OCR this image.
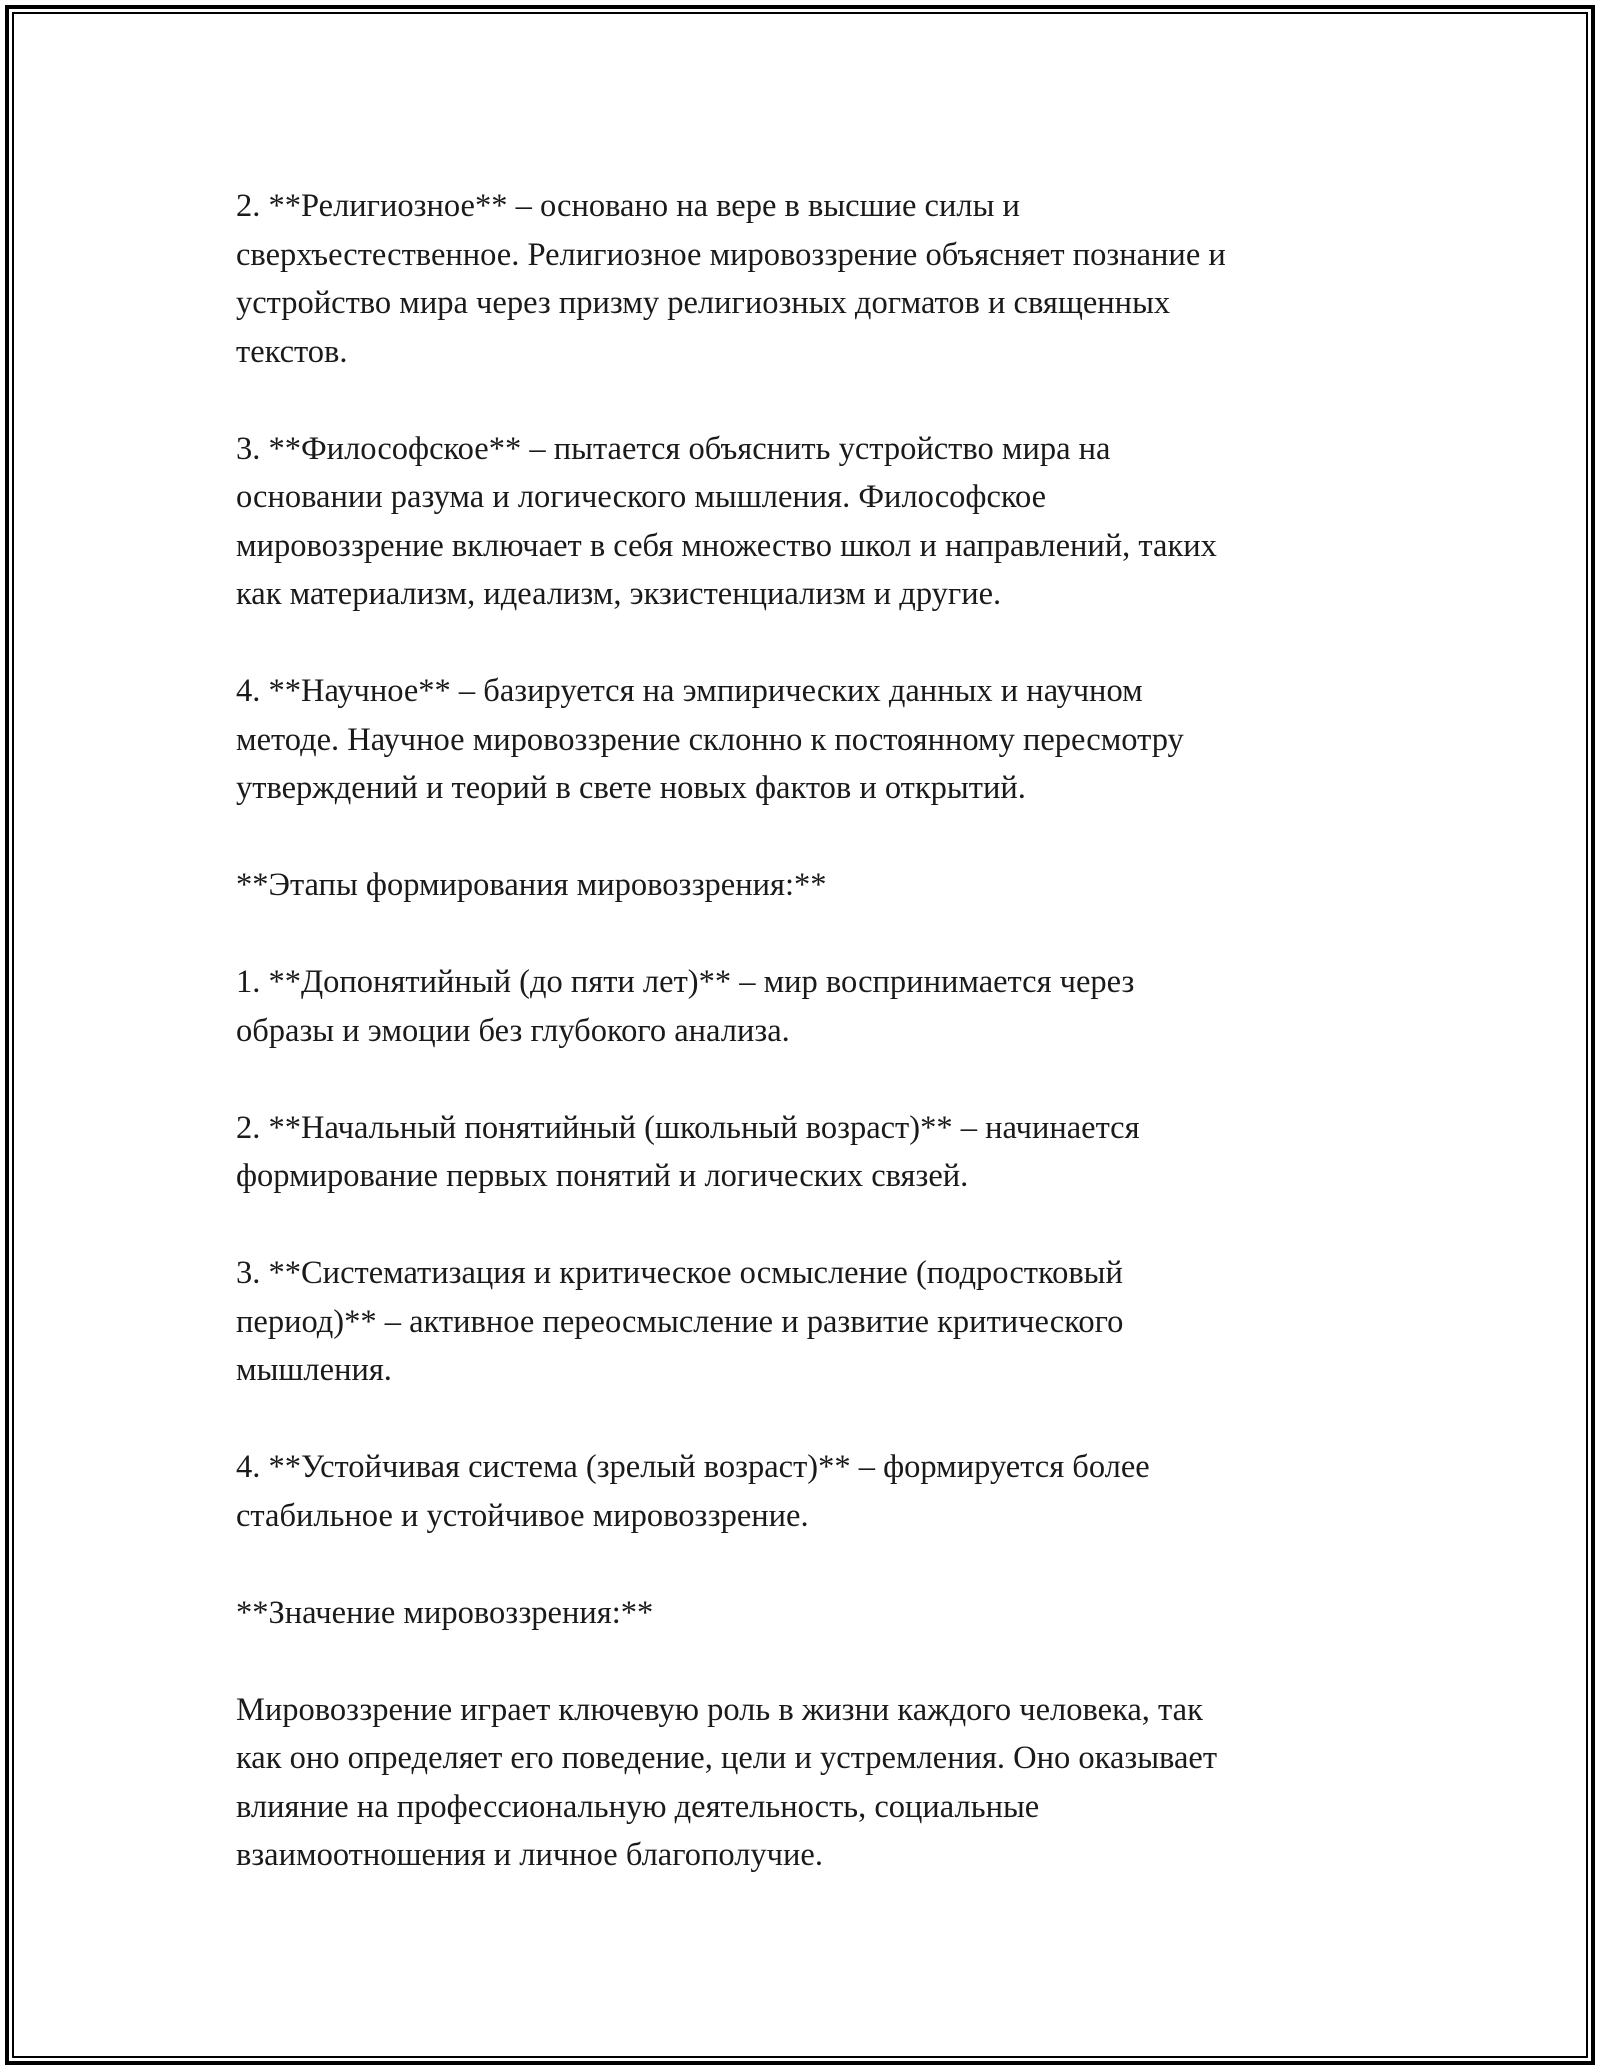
2. **Религиозное** – основано на вере в высшие силы и
сверхъестественное. Религиозное мировоззрение объясняет познание и
устройство мира через призму религиозных догматов и священных
текстов.

3. **Философское** – пытается объяснить устройство мира на
основании разума и логического мышления. Философское
мировоззрение включает в себя множество школ и направлений, таких
как материализм, идеализм, экзистенциализм и другие.

4. **Научное** – базируется на эмпирических данных и научном
методе. Научное мировоззрение склонно к постоянному пересмотру
утверждений и теорий в свете новых фактов и открытий.

**Этапы формирования мировоззрения:**

1. **Допонятийный (до пяти лет)** – мир воспринимается через
образы и эмоции без глубокого анализа.

2. **Начальный понятийный (школьный возраст)** – начинается
формирование первых понятий и логических связей.

3. **Систематизация и критическое осмысление (подростковый
период)** – активное переосмысление и развитие критического
мышления.

4. **Устойчивая система (зрелый возраст)** – формируется более
стабильное и устойчивое мировоззрение.

**Значение мировоззрения:**

Мировоззрение играет ключевую роль в жизни каждого человека, так
как оно определяет его поведение, цели и устремления. Оно оказывает
влияние на профессиональную деятельность, социальные
взаимоотношения и личное благополучие.
